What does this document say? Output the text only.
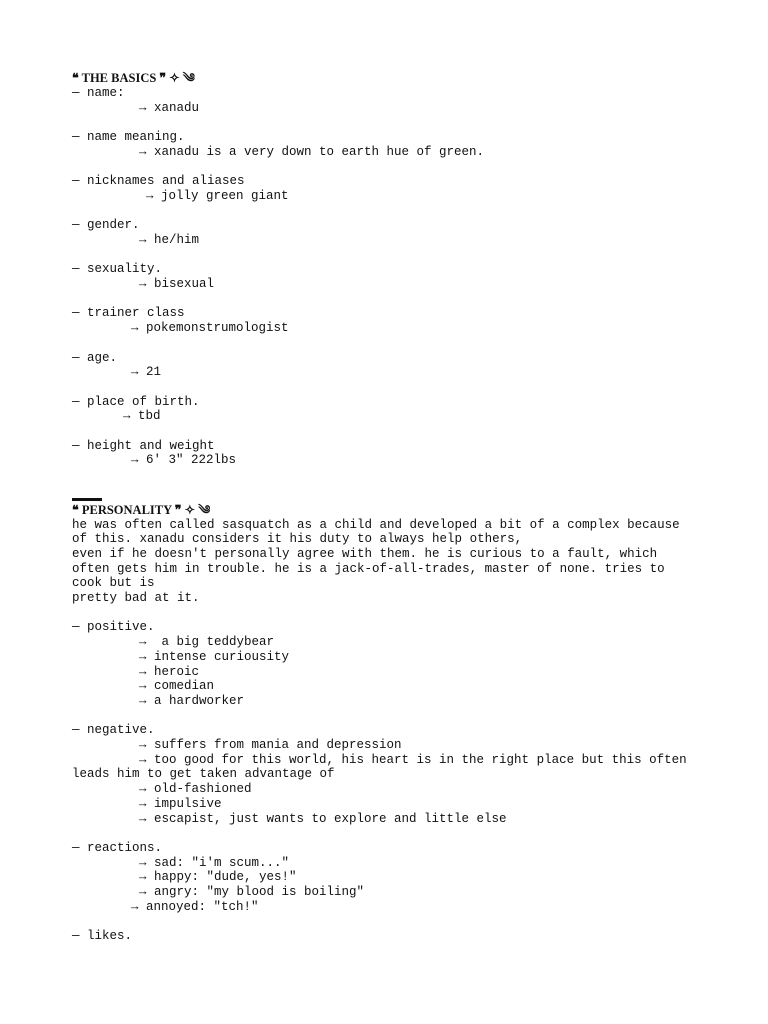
❝ THE BASICS ❞ ✧ ༄
— name:
→ xanadu
— name meaning.
→ xanadu is a very down to earth hue of green.
— nicknames and aliases
→ jolly green giant
— gender.
→ he/him
— sexuality.
→ bisexual
— trainer class
→ pokemonstrumologist
— age.
→ 21
— place of birth.
→ tbd
— height and weight
→ 6' 3" 222lbs
❝ PERSONALITY ❞ ✧ ༄
he was often called sasquatch as a child and developed a bit of a complex because
of this. xanadu considers it his duty to always help others,
even if he doesn't personally agree with them. he is curious to a fault, which
often gets him in trouble. he is a jack-of-all-trades, master of none. tries to
cook but is
pretty bad at it.
— positive.
→  a big teddybear
→ intense curiousity
→ heroic
→ comedian
→ a hardworker
— negative.
→ suffers from mania and depression
→ too good for this world, his heart is in the right place but this often
leads him to get taken advantage of
→ old-fashioned
→ impulsive
→ escapist, just wants to explore and little else
— reactions.
→ sad: "i'm scum..."
→ happy: "dude, yes!"
→ angry: "my blood is boiling"
→ annoyed: "tch!"
— likes.
